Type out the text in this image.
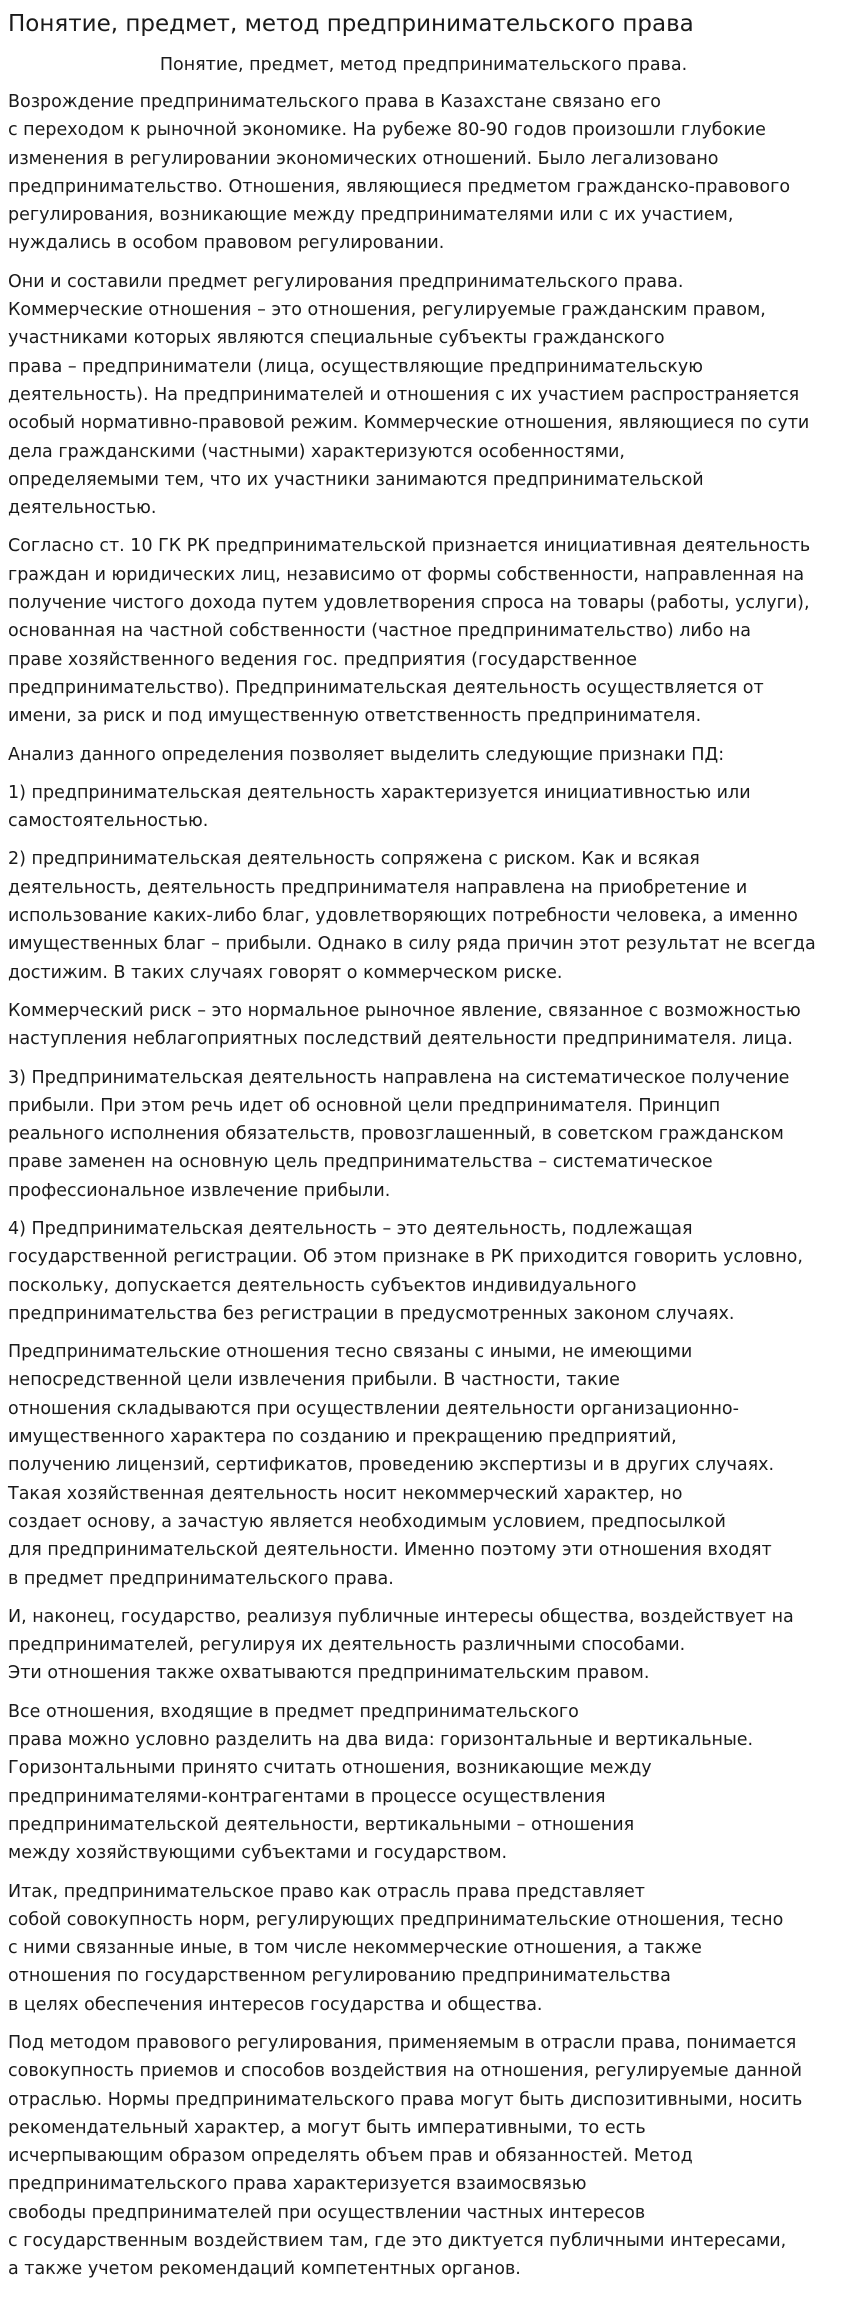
Понятие, предмет, метод предпринимательского права
Понятие, предмет, метод предпринимательского права.

Возрождение предпринимательского права в Казахстане связано его
с переходом к рыночной экономике. На рубеже 80-90 годов произошли глубокие
изменения в регулировании экономических отношений. Было легализовано
предпринимательство. Отношения, являющиеся предметом гражданско-правового
регулирования, возникающие между предпринимателями или с их участием,
нуждались в особом правовом регулировании.

Они и составили предмет регулирования предпринимательского права.
Коммерческие отношения – это отношения, регулируемые гражданским правом,
участниками которых являются специальные субъекты гражданского
права – предприниматели (лица, осуществляющие предпринимательскую
деятельность). На предпринимателей и отношения с их участием распространяется
особый нормативно-правовой режим. Коммерческие отношения, являющиеся по сути
дела гражданскими (частными) характеризуются особенностями,
определяемыми тем, что их участники занимаются предпринимательской
деятельностью.

Согласно ст. 10 ГК РК предпринимательской признается инициативная деятельность
граждан и юридических лиц, независимо от формы собственности, направленная на
получение чистого дохода путем удовлетворения спроса на товары (работы, услуги),
основанная на частной собственности (частное предпринимательство) либо на
праве хозяйственного ведения гос. предприятия (государственное
предпринимательство). Предпринимательская деятельность осуществляется от
имени, за риск и под имущественную ответственность предпринимателя.

Анализ данного определения позволяет выделить следующие признаки ПД:

1) предпринимательская деятельность характеризуется инициативностью или
самостоятельностью.

2) предпринимательская деятельность сопряжена с риском. Как и всякая
деятельность, деятельность предпринимателя направлена на приобретение и
использование каких-либо благ, удовлетворяющих потребности человека, а именно
имущественных благ – прибыли. Однако в силу ряда причин этот результат не всегда
достижим. В таких случаях говорят о коммерческом риске.

Коммерческий риск – это нормальное рыночное явление, связанное с возможностью
наступления неблагоприятных последствий деятельности предпринимателя. лица.

3) Предпринимательская деятельность направлена на систематическое получение
прибыли. При этом речь идет об основной цели предпринимателя. Принцип
реального исполнения обязательств, провозглашенный, в советском гражданском
праве заменен на основную цель предпринимательства – систематическое
профессиональное извлечение прибыли.

4) Предпринимательская деятельность – это деятельность, подлежащая
государственной регистрации. Об этом признаке в РК приходится говорить условно,
поскольку, допускается деятельность субъектов индивидуального
предпринимательства без регистрации в предусмотренных законом случаях.

Предпринимательские отношения тесно связаны с иными, не имеющими
непосредственной цели извлечения прибыли. В частности, такие
отношения складываются при осуществлении деятельности организационно-
имущественного характера по созданию и прекращению предприятий,
получению лицензий, сертификатов, проведению экспертизы и в других случаях.
Такая хозяйственная деятельность носит некоммерческий характер, но
создает основу, а зачастую является необходимым условием, предпосылкой
для предпринимательской деятельности. Именно поэтому эти отношения входят
в предмет предпринимательского права.

И, наконец, государство, реализуя публичные интересы общества, воздействует на
предпринимателей, регулируя их деятельность различными способами.
Эти отношения также охватываются предпринимательским правом.

Все отношения, входящие в предмет предпринимательского
права можно условно разделить на два вида: горизонтальные и вертикальные.
Горизонтальными принято считать отношения, возникающие между
предпринимателями-контрагентами в процессе осуществления
предпринимательской деятельности, вертикальными – отношения
между хозяйствующими субъектами и государством.

Итак, предпринимательское право как отрасль права представляет
собой совокупность норм, регулирующих предпринимательские отношения, тесно
с ними связанные иные, в том числе некоммерческие отношения, а также
отношения по государственном регулированию предпринимательства
в целях обеспечения интересов государства и общества.

Под методом правового регулирования, применяемым в отрасли права, понимается
совокупность приемов и способов воздействия на отношения, регулируемые данной
отраслью. Нормы предпринимательского права могут быть диспозитивными, носить
рекомендательный характер, а могут быть императивными, то есть
исчерпывающим образом определять объем прав и обязанностей. Метод
предпринимательского права характеризуется взаимосвязью
свободы предпринимателей при осуществлении частных интересов
с государственным воздействием там, где это диктуется публичными интересами,
а также учетом рекомендаций компетентных органов.
